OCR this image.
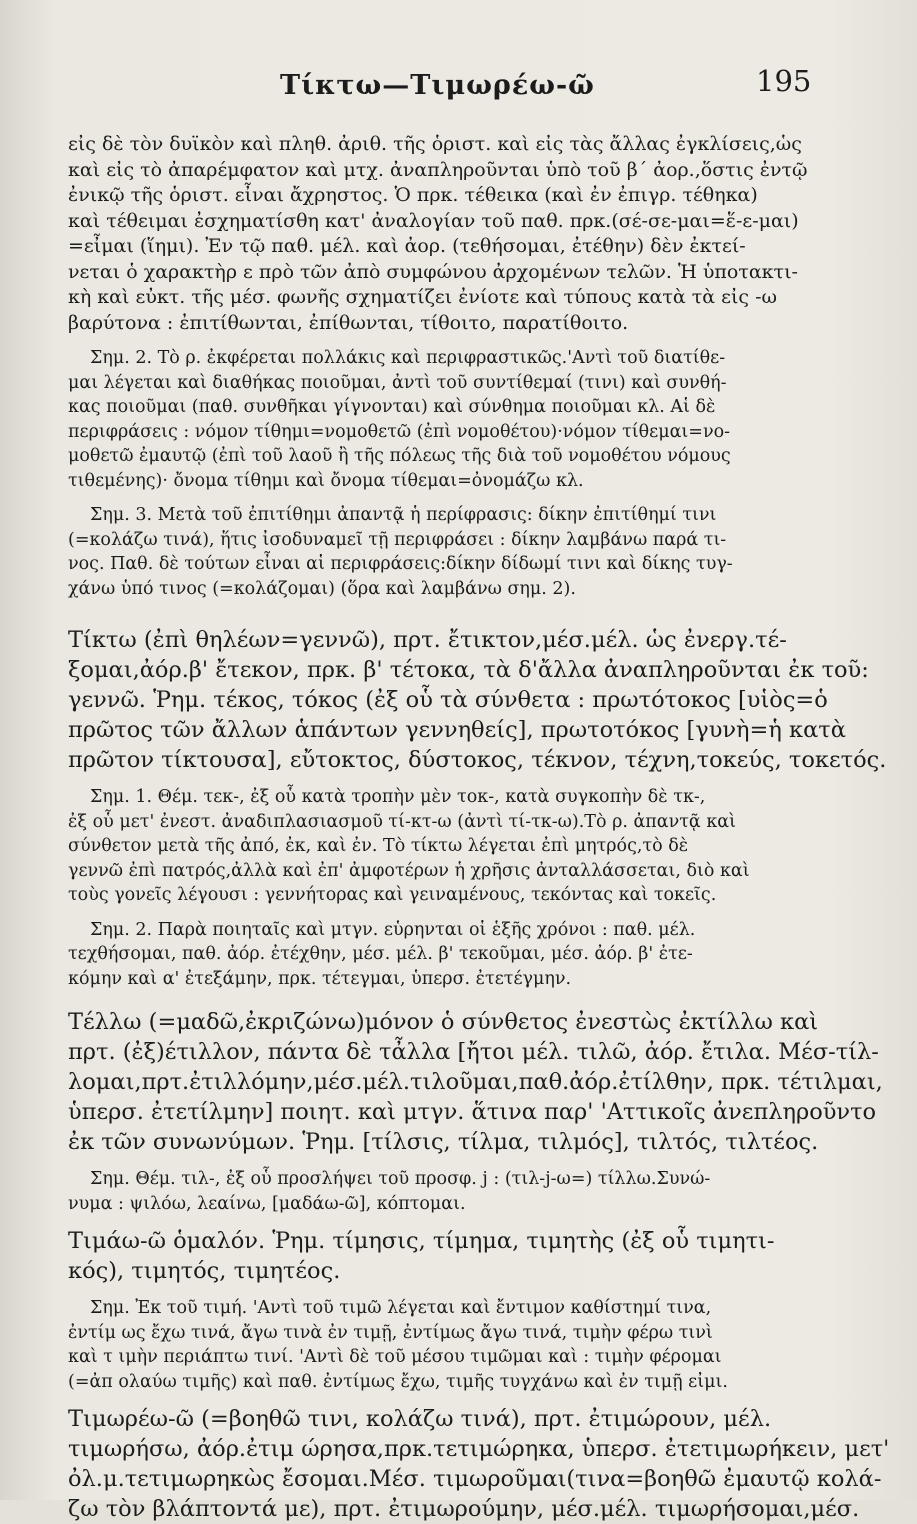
Τίκτω—Τιμωρέω-ῶ	195
εἰς δὲ τὸν δυϊκὸν καὶ πληθ. ἀριθ. τῆς ὁριστ. καὶ εἰς τὰς ἄλλας ἐγκλίσεις,ὡς
καὶ εἰς τὸ ἀπαρέμφατον καὶ μτχ. ἀναπληροῦνται ὑπὸ τοῦ β΄ ἀορ.,ὅστις ἐντῷ
ἐνικῷ τῆς ὁριστ. εἶναι ἄχρηστος. Ὁ πρκ. τέθεικα (καὶ ἐν ἐπιγρ. τέθηκα)
καὶ τέθειμαι ἐσχηματίσθη κατ' ἀναλογίαν τοῦ παθ. πρκ.(σέ-σε-μαι=ἕ-ε-μαι)
=εἶμαι (ἵημι). Ἐν τῷ παθ. μέλ. καὶ ἀορ. (τεθήσομαι, ἐτέθην) δὲν ἐκτεί-
νεται ὁ χαρακτὴρ ε πρὸ τῶν ἀπὸ συμφώνου ἀρχομένων τελῶν. Ἡ ὑποτακτι-
κὴ καὶ εὐκτ. τῆς μέσ. φωνῆς σχηματίζει ἐνίοτε καὶ τύπους κατὰ τὰ εἰς -ω
βαρύτονα : ἐπιτίθωνται, ἐπίθωνται, τίθοιτο, παρατίθοιτο.
Σημ. 2. Τὸ ρ. ἐκφέρεται πολλάκις καὶ περιφραστικῶς.'Αντὶ τοῦ διατίθε-
μαι λέγεται καὶ διαθήκας ποιοῦμαι, ἀντὶ τοῦ συντίθεμαί (τινι) καὶ συνθή-
κας ποιοῦμαι (παθ. συνθῆκαι γίγνονται) καὶ σύνθημα ποιοῦμαι κλ. Αἱ δὲ
περιφράσεις : νόμον τίθημι=νομοθετῶ (ἐπὶ νομοθέτου)·νόμον τίθεμαι=νο-
μοθετῶ ἐμαυτῷ (ἐπὶ τοῦ λαοῦ ἢ τῆς πόλεως τῆς διὰ τοῦ νομοθέτου νόμους
τιθεμένης)· ὄνομα τίθημι καὶ ὄνομα τίθεμαι=ὀνομάζω κλ.
Σημ. 3. Μετὰ τοῦ ἐπιτίθημι ἀπαντᾷ ἡ περίφρασις: δίκην ἐπιτίθημί τινι
(=κολάζω τινά), ἥτις ἰσοδυναμεῖ τῇ περιφράσει : δίκην λαμβάνω παρά τι-
νος. Παθ. δὲ τούτων εἶναι αἱ περιφράσεις:δίκην δίδωμί τινι καὶ δίκης τυγ-
χάνω ὑπό τινος (=κολάζομαι) (ὅρα καὶ λαμβάνω σημ. 2).
Τίκτω (ἐπὶ θηλέων=γεννῶ), πρτ. ἔτικτον,μέσ.μέλ. ὡς ἐνεργ.τέ-
ξομαι,ἀόρ.β' ἔτεκον, πρκ. β' τέτοκα, τὰ δ'ἄλλα ἀναπληροῦνται ἐκ τοῦ:
γεννῶ. Ῥημ. τέκος, τόκος (ἐξ οὗ τὰ σύνθετα : πρωτότοκος [υἱὸς=ὁ
πρῶτος τῶν ἄλλων ἁπάντων γεννηθείς], πρωτοτόκος [γυνὴ=ἡ κατὰ
πρῶτον τίκτουσα], εὔτοκτος, δύστοκος, τέκνον, τέχνη,τοκεύς, τοκετός.
Σημ. 1. Θέμ. τεκ-, ἐξ οὗ κατὰ τροπὴν μὲν τοκ-, κατὰ συγκοπὴν δὲ τκ-,
ἐξ οὗ μετ' ἐνεστ. ἀναδιπλασιασμοῦ τί-κτ-ω (ἀντὶ τί-τκ-ω).Τὸ ρ. ἀπαντᾷ καὶ
σύνθετον μετὰ τῆς ἀπό, ἐκ, καὶ ἐν. Τὸ τίκτω λέγεται ἐπὶ μητρός,τὸ δὲ
γεννῶ ἐπὶ πατρός,ἀλλὰ καὶ ἐπ' ἀμφοτέρων ἡ χρῆσις ἀνταλλάσσεται, διὸ καὶ
τοὺς γονεῖς λέγουσι : γεννήτορας καὶ γειναμένους, τεκόντας καὶ τοκεῖς.
Σημ. 2. Παρὰ ποιηταῖς καὶ μτγν. εὑρηνται οἱ ἑξῆς χρόνοι : παθ. μέλ.
τεχθήσομαι, παθ. ἀόρ. ἐτέχθην, μέσ. μέλ. β' τεκοῦμαι, μέσ. ἀόρ. β' ἐτε-
κόμην καὶ α' ἐτεξάμην, πρκ. τέτεγμαι, ὑπερσ. ἐτετέγμην.
Τέλλω (=μαδῶ,ἐκριζώνω)μόνον ὁ σύνθετος ἐνεστὼς ἐκτίλλω καὶ
πρτ. (ἐξ)έτιλλον, πάντα δὲ τἆλλα [ἤτοι μέλ. τιλῶ, ἀόρ. ἔτιλα. Μέσ-τίλ-
λομαι,πρτ.ἐτιλλόμην,μέσ.μέλ.τιλοῦμαι,παθ.ἀόρ.ἐτίλθην, πρκ. τέτιλμαι,
ὑπερσ. ἐτετίλμην] ποιητ. καὶ μτγν. ἅτινα παρ' 'Αττικοῖς ἀνεπληροῦντο
ἐκ τῶν συνωνύμων. Ῥημ. [τίλσις, τίλμα, τιλμός], τιλτός, τιλτέος.
Σημ. Θέμ. τιλ-, ἐξ οὗ προσλήψει τοῦ προσφ. j : (τιλ-j-ω=) τίλλω.Συνώ-
νυμα : ψιλόω, λεαίνω, [μαδάω-ῶ], κόπτομαι.
Τιμάω-ῶ ὁμαλόν. Ῥημ. τίμησις, τίμημα, τιμητὴς (ἐξ οὗ τιμητι-
κός), τιμητός, τιμητέος.
Σημ. Ἐκ τοῦ τιμή. 'Αντὶ τοῦ τιμῶ λέγεται καὶ ἔντιμον καθίστημί τινα,
ἐντίμ ως ἔχω τινά, ἄγω τινὰ ἐν τιμῇ, ἐντίμως ἄγω τινά, τιμὴν φέρω τινὶ
καὶ τ ιμὴν περιάπτω τινί. 'Αντὶ δὲ τοῦ μέσου τιμῶμαι καὶ : τιμὴν φέρομαι
(=ἀπ ολαύω τιμῆς) καὶ παθ. ἐντίμως ἔχω, τιμῆς τυγχάνω καὶ ἐν τιμῇ εἰμι.
Τιμωρέω-ῶ (=βοηθῶ τινι, κολάζω τινά), πρτ. ἐτιμώρουν, μέλ.
τιμωρήσω, ἀόρ.ἐτιμ ώρησα,πρκ.τετιμώρηκα, ὑπερσ. ἐτετιμωρήκειν, μετ'
ὀλ.μ.τετιμωρηκὼς ἔσομαι.Μέσ. τιμωροῦμαι(τινα=βοηθῶ ἐμαυτῷ κολά-
ζω τὸν βλάπτοντά με), πρτ. ἐτιμωρούμην, μέσ.μέλ. τιμωρήσομαι,μέσ.
